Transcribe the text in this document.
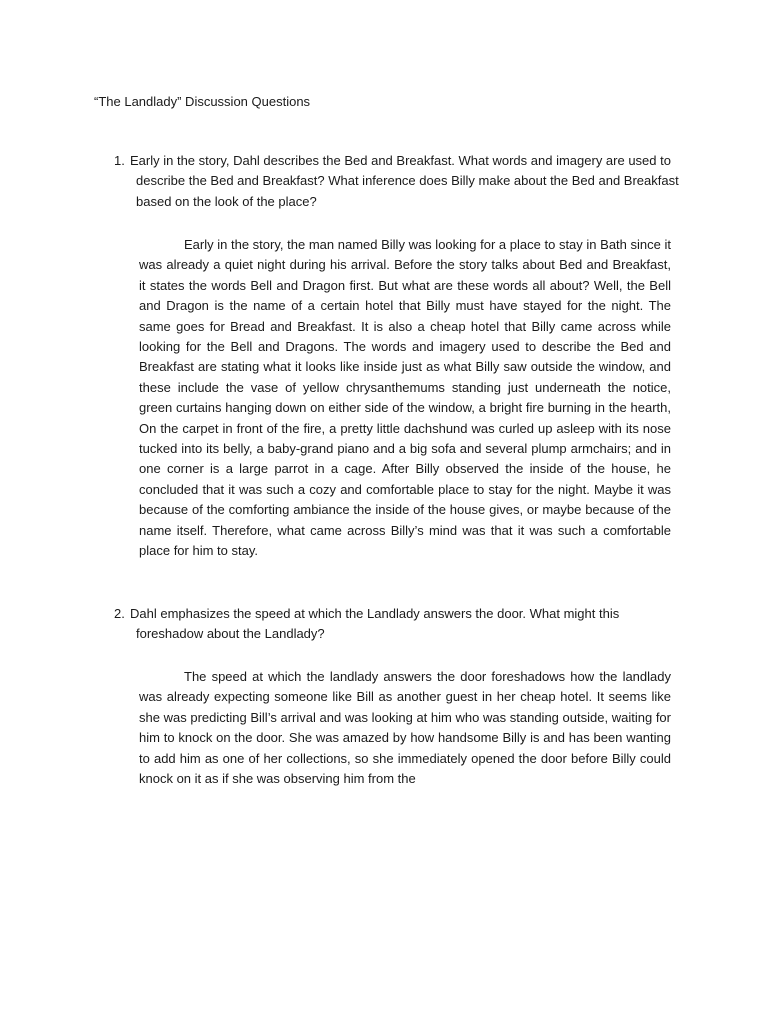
“The Landlady” Discussion Questions
1. Early in the story, Dahl describes the Bed and Breakfast. What words and imagery are used to describe the Bed and Breakfast? What inference does Billy make about the Bed and Breakfast based on the look of the place?
Early in the story, the man named Billy was looking for a place to stay in Bath since it was already a quiet night during his arrival. Before the story talks about Bed and Breakfast, it states the words Bell and Dragon first. But what are these words all about? Well, the Bell and Dragon is the name of a certain hotel that Billy must have stayed for the night. The same goes for Bread and Breakfast. It is also a cheap hotel that Billy came across while looking for the Bell and Dragons. The words and imagery used to describe the Bed and Breakfast are stating what it looks like inside just as what Billy saw outside the window, and these include the vase of yellow chrysanthemums standing just underneath the notice, green curtains hanging down on either side of the window, a bright fire burning in the hearth, On the carpet in front of the fire, a pretty little dachshund was curled up asleep with its nose tucked into its belly, a baby-grand piano and a big sofa and several plump armchairs; and in one corner is a large parrot in a cage. After Billy observed the inside of the house, he concluded that it was such a cozy and comfortable place to stay for the night. Maybe it was because of the comforting ambiance the inside of the house gives, or maybe because of the name itself. Therefore, what came across Billy’s mind was that it was such a comfortable place for him to stay.
2. Dahl emphasizes the speed at which the Landlady answers the door. What might this foreshadow about the Landlady?
The speed at which the landlady answers the door foreshadows how the landlady was already expecting someone like Bill as another guest in her cheap hotel. It seems like she was predicting Bill’s arrival and was looking at him who was standing outside, waiting for him to knock on the door. She was amazed by how handsome Billy is and has been wanting to add him as one of her collections, so she immediately opened the door before Billy could knock on it as if she was observing him from the
